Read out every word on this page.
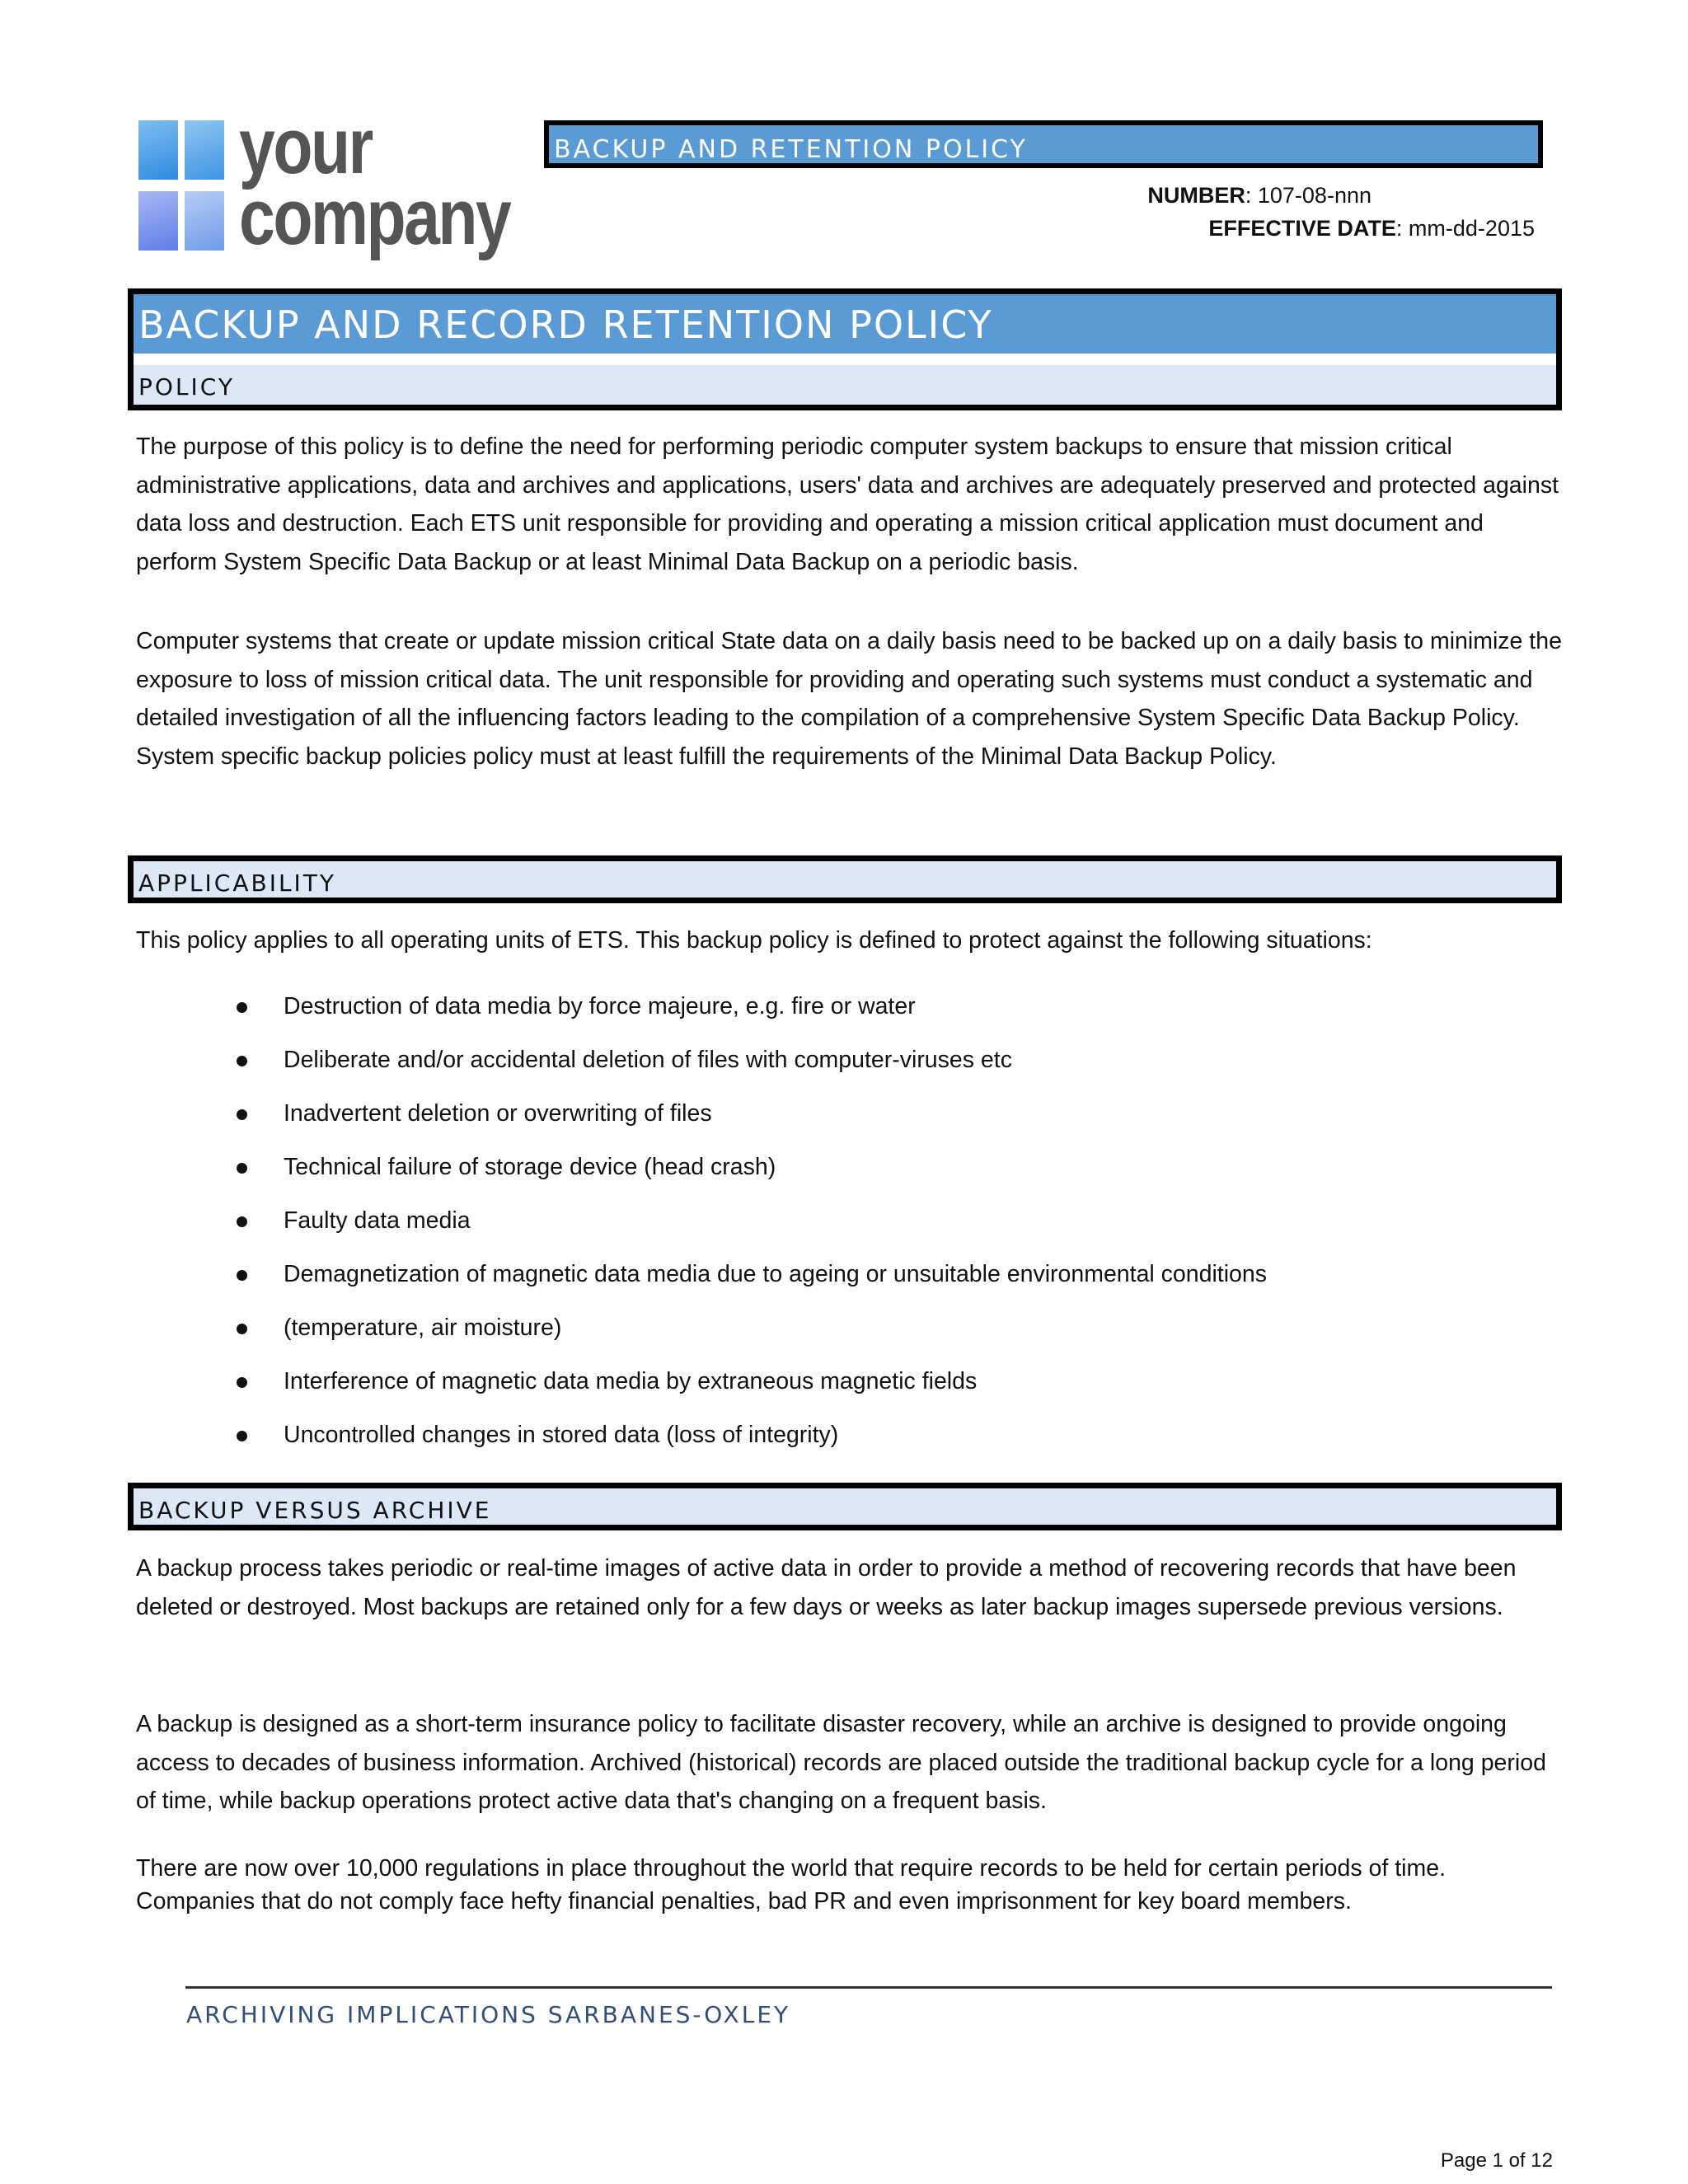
your
company
BACKUP AND RETENTION POLICY
NUMBER: 107-08-nnn
EFFECTIVE DATE: mm-dd-2015
BACKUP AND RECORD RETENTION POLICY
POLICY
The purpose of this policy is to define the need for performing periodic computer system backups to ensure that mission critical administrative applications, data and archives and applications, users' data and archives are adequately preserved and protected against data loss and destruction. Each ETS unit responsible for providing and operating a mission critical application must document and perform System Specific Data Backup or at least Minimal Data Backup on a periodic basis.
Computer systems that create or update mission critical State data on a daily basis need to be backed up on a daily basis to minimize the exposure to loss of mission critical data. The unit responsible for providing and operating such systems must conduct a systematic and detailed investigation of all the influencing factors leading to the compilation of a comprehensive System Specific Data Backup Policy. System specific backup policies policy must at least fulfill the requirements of the Minimal Data Backup Policy.
APPLICABILITY
This policy applies to all operating units of ETS. This backup policy is defined to protect against the following situations:
Destruction of data media by force majeure, e.g. fire or water
Deliberate and/or accidental deletion of files with computer-viruses etc
Inadvertent deletion or overwriting of files
Technical failure of storage device (head crash)
Faulty data media
Demagnetization of magnetic data media due to ageing or unsuitable environmental conditions
(temperature, air moisture)
Interference of magnetic data media by extraneous magnetic fields
Uncontrolled changes in stored data (loss of integrity)
BACKUP VERSUS ARCHIVE
A backup process takes periodic or real-time images of active data in order to provide a method of recovering records that have been deleted or destroyed. Most backups are retained only for a few days or weeks as later backup images supersede previous versions.
A backup is designed as a short-term insurance policy to facilitate disaster recovery, while an archive is designed to provide ongoing access to decades of business information. Archived (historical) records are placed outside the traditional backup cycle for a long period of time, while backup operations protect active data that's changing on a frequent basis.
There are now over 10,000 regulations in place throughout the world that require records to be held for certain periods of time. Companies that do not comply face hefty financial penalties, bad PR and even imprisonment for key board members.
ARCHIVING IMPLICATIONS SARBANES-OXLEY
Page 1 of 12
